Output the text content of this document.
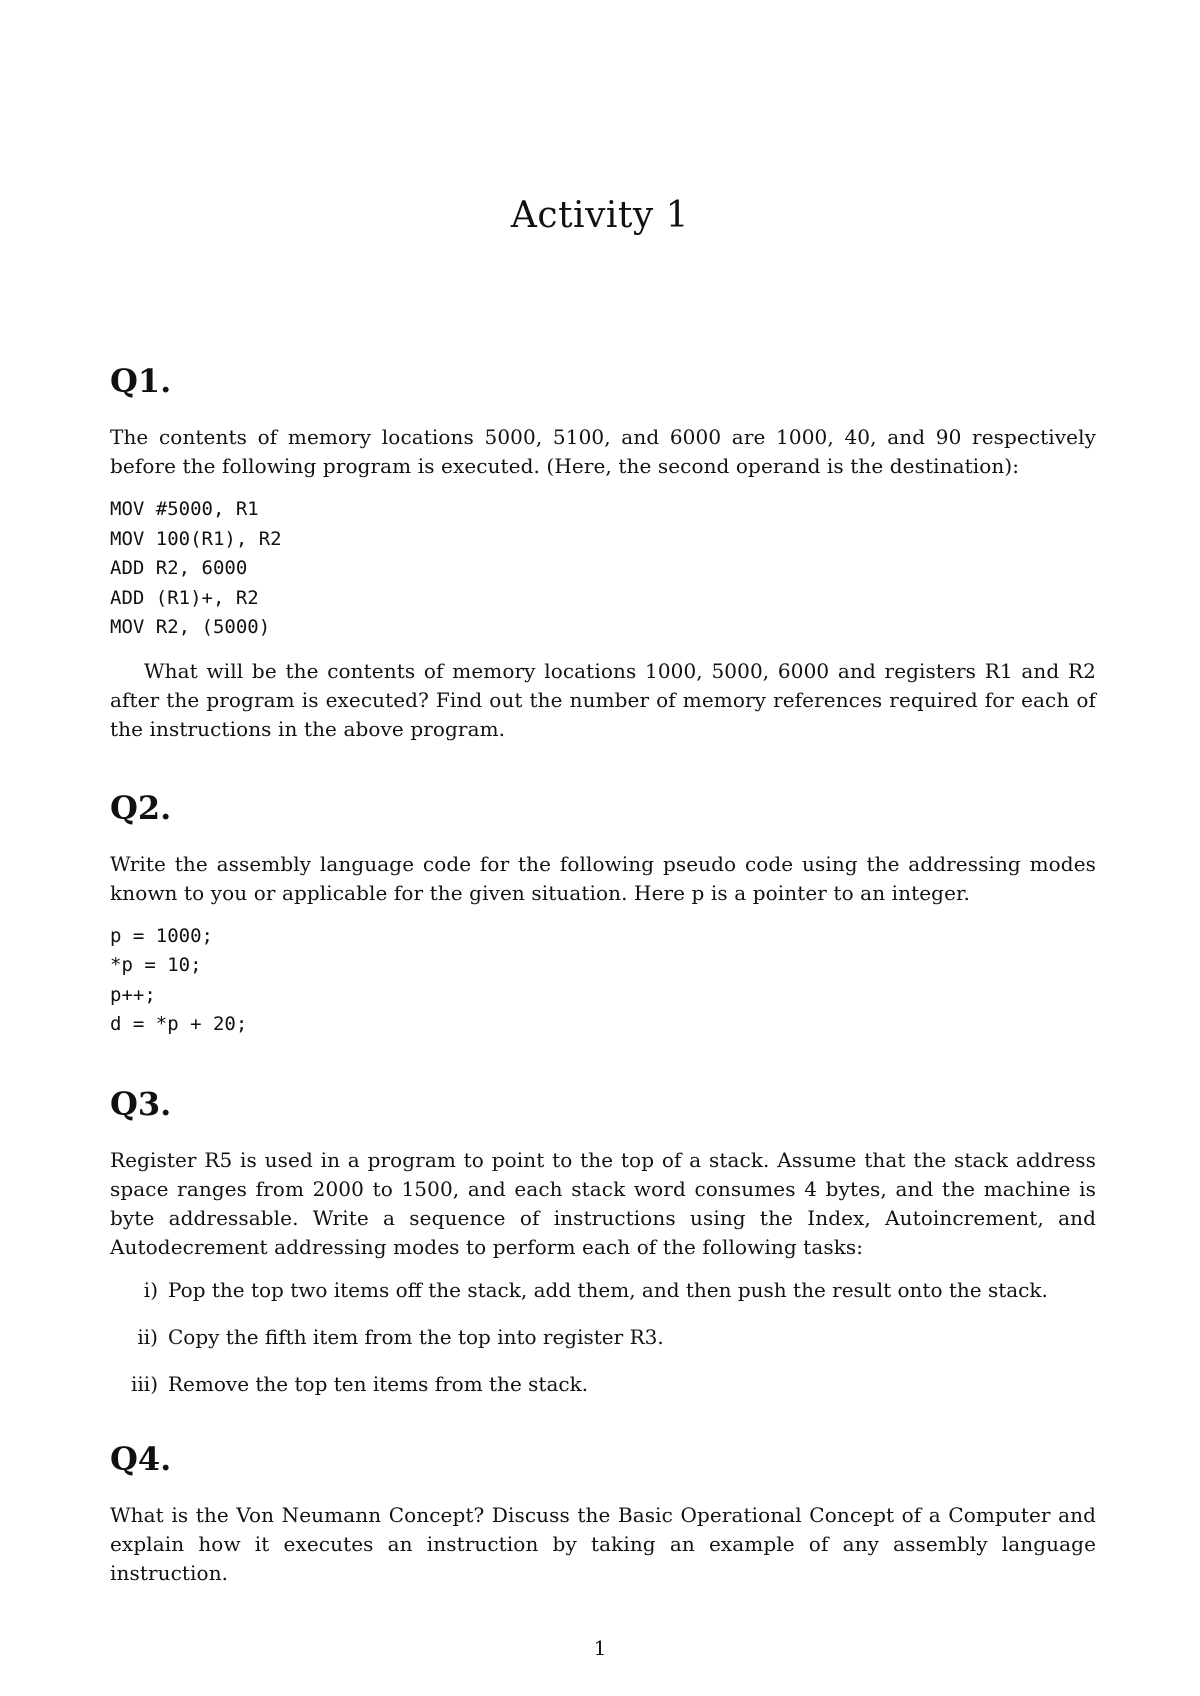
Activity 1
Q1.

The contents of memory locations 5000, 5100, and 6000 are 1000, 40, and 90 respectively before the following program is executed. (Here, the second operand is the destination):

MOV #5000, R1
MOV 100(R1), R2
ADD R2, 6000
ADD (R1)+, R2
MOV R2, (5000)

What will be the contents of memory locations 1000, 5000, 6000 and registers R1 and R2 after the program is executed? Find out the number of memory references required for each of the instructions in the above program.

Q2.

Write the assembly language code for the following pseudo code using the addressing modes known to you or applicable for the given situation. Here p is a pointer to an integer.

p = 1000;
*p = 10;
p++;
d = *p + 20;
Q3.

Register R5 is used in a program to point to the top of a stack. Assume that the stack address space ranges from 2000 to 1500, and each stack word consumes 4 bytes, and the machine is byte addressable. Write a sequence of instructions using the Index, Autoincrement, and Autodecrement addressing modes to perform each of the following tasks:

i) Pop the top two items off the stack, add them, and then push the result onto the stack.
ii) Copy the fifth item from the top into register R3.
iii) Remove the top ten items from the stack.
Q4.

What is the Von Neumann Concept? Discuss the Basic Operational Concept of a Computer and explain how it executes an instruction by taking an example of any assembly language instruction.

1
